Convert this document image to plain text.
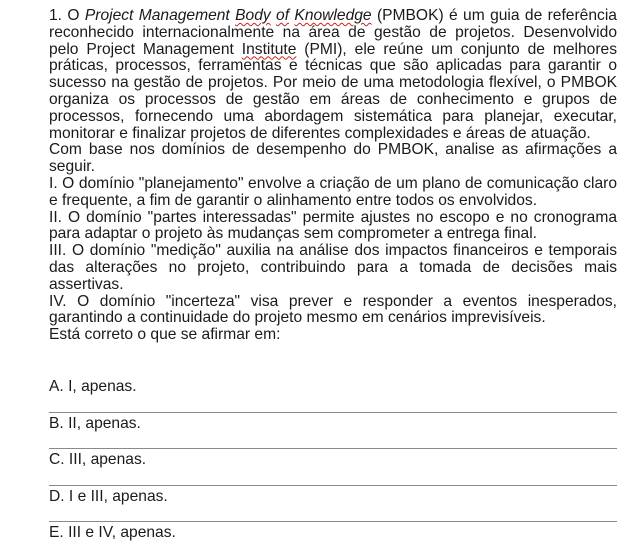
1. O Project Management Body of Knowledge (PMBOK) é um guia de referência reconhecido internacionalmente na área de gestão de projetos. Desenvolvido pelo Project Management Institute (PMI), ele reúne um conjunto de melhores práticas, processos, ferramentas e técnicas que são aplicadas para garantir o sucesso na gestão de projetos. Por meio de uma metodologia flexível, o PMBOK organiza os processos de gestão em áreas de conhecimento e grupos de processos, fornecendo uma abordagem sistemática para planejar, executar, monitorar e finalizar projetos de diferentes complexidades e áreas de atuação.

Com base nos domínios de desempenho do PMBOK, analise as afirmações a seguir.

I. O domínio "planejamento" envolve a criação de um plano de comunicação claro e frequente, a fim de garantir o alinhamento entre todos os envolvidos.

II. O domínio "partes interessadas" permite ajustes no escopo e no cronograma para adaptar o projeto às mudanças sem comprometer a entrega final.

III. O domínio "medição" auxilia na análise dos impactos financeiros e temporais das alterações no projeto, contribuindo para a tomada de decisões mais assertivas.

IV. O domínio "incerteza" visa prever e responder a eventos inesperados, garantindo a continuidade do projeto mesmo em cenários imprevisíveis.

Está correto o que se afirmar em:

A. I, apenas.
B. II, apenas.
C. III, apenas.
D. I e III, apenas.
E. III e IV, apenas.
